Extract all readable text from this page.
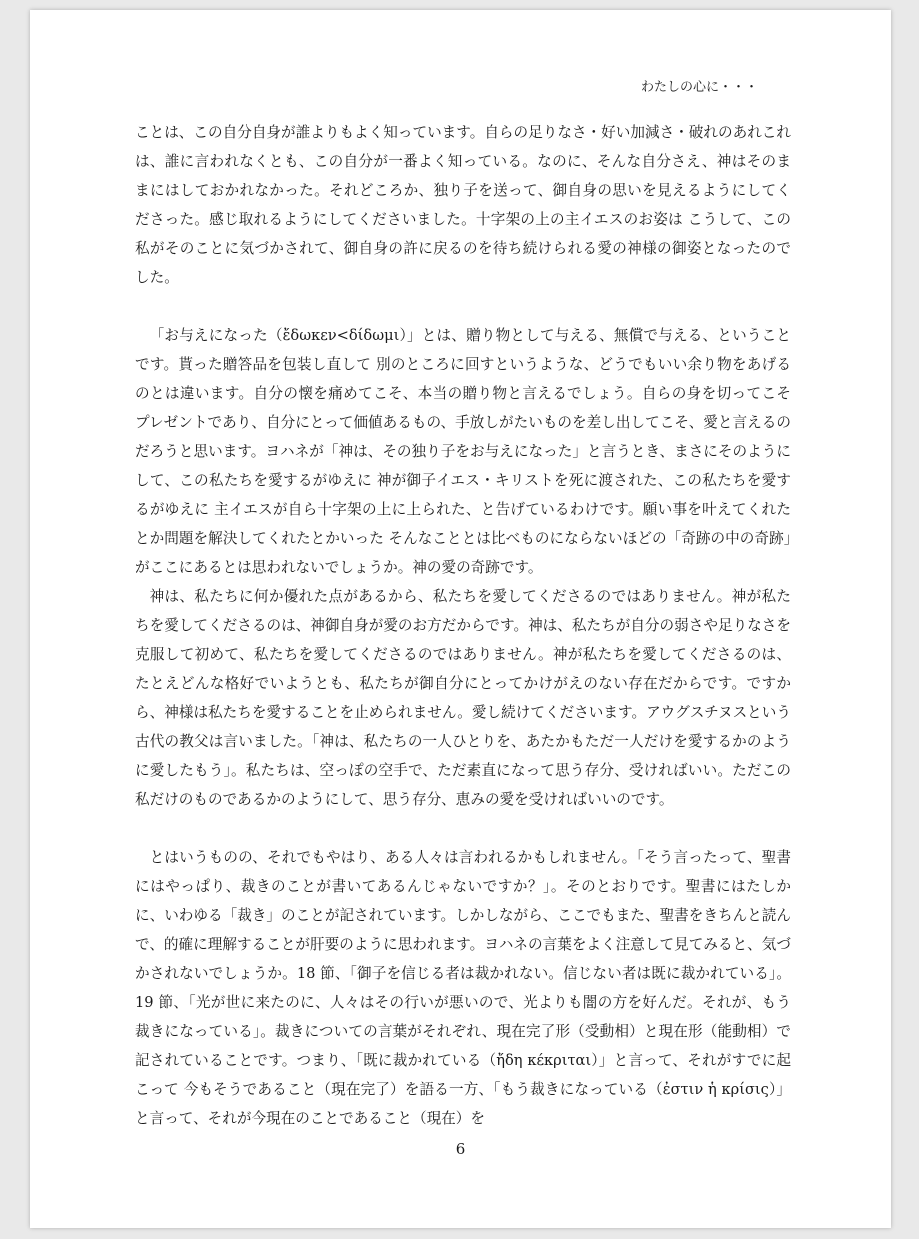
わたしの心に・・・

ことは、この自分自身が誰よりもよく知っています。自らの足りなさ・好い加減さ・破れのあれこれは、誰に言われなくとも、この自分が一番よく知っている。なのに、そんな自分さえ、神はそのままにはしておかれなかった。それどころか、独り子を送って、御自身の思いを見えるようにしてくださった。感じ取れるようにしてくださいました。十字架の上の主イエスのお姿は こうして、この私がそのことに気づかされて、御自身の許に戻るのを待ち続けられる愛の神様の御姿となったのでした。

「お与えになった（ἔδωκεν<δίδωμι）」とは、贈り物として与える、無償で与える、ということです。貰った贈答品を包装し直して 別のところに回すというような、どうでもいい余り物をあげるのとは違います。自分の懐を痛めてこそ、本当の贈り物と言えるでしょう。自らの身を切ってこそ プレゼントであり、自分にとって価値あるもの、手放しがたいものを差し出してこそ、愛と言えるのだろうと思います。ヨハネが「神は、その独り子をお与えになった」と言うとき、まさにそのようにして、この私たちを愛するがゆえに 神が御子イエス・キリストを死に渡された、この私たちを愛するがゆえに 主イエスが自ら十字架の上に上られた、と告げているわけです。願い事を叶えてくれたとか問題を解決してくれたとかいった そんなこととは比べものにならないほどの「奇跡の中の奇跡」がここにあるとは思われないでしょうか。神の愛の奇跡です。

神は、私たちに何か優れた点があるから、私たちを愛してくださるのではありません。神が私たちを愛してくださるのは、神御自身が愛のお方だからです。神は、私たちが自分の弱さや足りなさを克服して初めて、私たちを愛してくださるのではありません。神が私たちを愛してくださるのは、たとえどんな格好でいようとも、私たちが御自分にとってかけがえのない存在だからです。ですから、神様は私たちを愛することを止められません。愛し続けてくださいます。アウグスチヌスという古代の教父は言いました。「神は、私たちの一人ひとりを、あたかもただ一人だけを愛するかのように愛したもう」。私たちは、空っぽの空手で、ただ素直になって思う存分、受ければいい。ただこの私だけのものであるかのようにして、思う存分、恵みの愛を受ければいいのです。

とはいうものの、それでもやはり、ある人々は言われるかもしれません。「そう言ったって、聖書にはやっぱり、裁きのことが書いてあるんじゃないですか？」。そのとおりです。聖書にはたしかに、いわゆる「裁き」のことが記されています。しかしながら、ここでもまた、聖書をきちんと読んで、的確に理解することが肝要のように思われます。ヨハネの言葉をよく注意して見てみると、気づかされないでしょうか。18 節、「御子を信じる者は裁かれない。信じない者は既に裁かれている」。19 節、「光が世に来たのに、人々はその行いが悪いので、光よりも闇の方を好んだ。それが、もう裁きになっている」。裁きについての言葉がそれぞれ、現在完了形（受動相）と現在形（能動相）で記されていることです。つまり、「既に裁かれている（ἤδη κέκριται）」と言って、それがすでに起こって 今もそうであること（現在完了）を語る一方、「もう裁きになっている（ἐστιν ἡ κρίσις）」と言って、それが今現在のことであること（現在）を

6
